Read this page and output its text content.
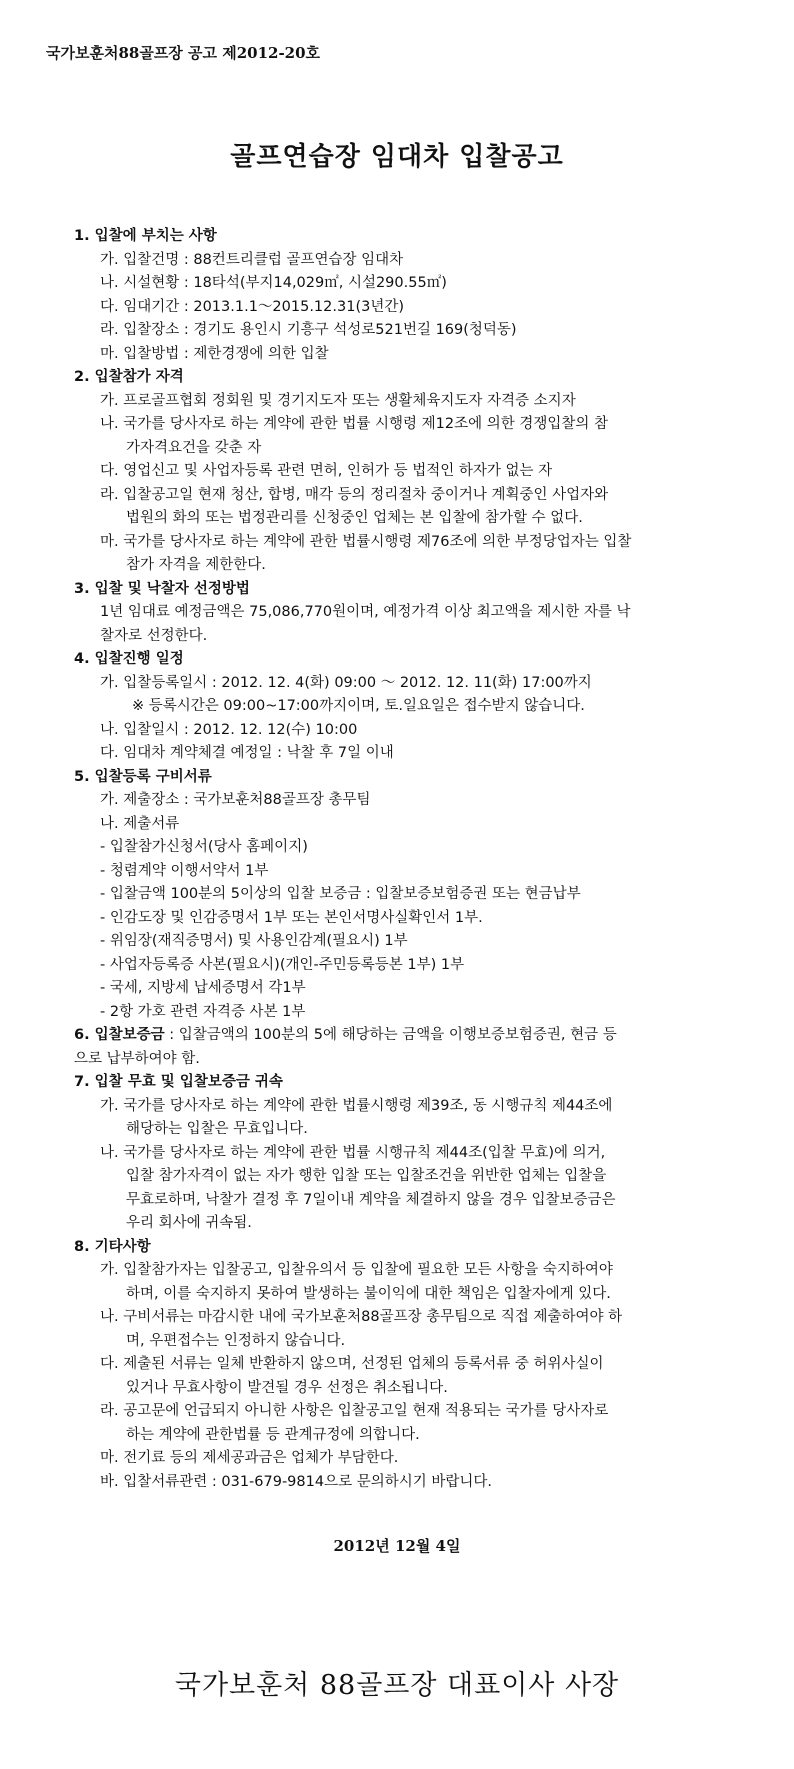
국가보훈처88골프장 공고 제2012-20호
골프연습장 임대차 입찰공고
1. 입찰에 부치는 사항
가. 입찰건명 : 88컨트리클럽 골프연습장 임대차
나. 시설현황 : 18타석(부지14,029㎡, 시설290.55㎡)
다. 임대기간 : 2013.1.1～2015.12.31(3년간)
라. 입찰장소 : 경기도 용인시 기흥구 석성로521번길 169(청덕동)
마. 입찰방법 : 제한경쟁에 의한 입찰
2. 입찰참가 자격
가. 프로골프협회 정회원 및 경기지도자 또는 생활체육지도자 자격증 소지자
나. 국가를 당사자로 하는 계약에 관한 법률 시행령 제12조에 의한 경쟁입찰의 참
가자격요건을 갖춘 자
다. 영업신고 및 사업자등록 관련 면허, 인허가 등 법적인 하자가 없는 자
라. 입찰공고일 현재 청산, 합병, 매각 등의 정리절차 중이거나 계획중인 사업자와
법원의 화의 또는 법정관리를 신청중인 업체는 본 입찰에 참가할 수 없다.
마. 국가를 당사자로 하는 계약에 관한 법률시행령 제76조에 의한 부정당업자는 입찰
참가 자격을 제한한다.
3. 입찰 및 낙찰자 선정방법
1년 임대료 예정금액은 75,086,770원이며, 예정가격 이상 최고액을 제시한 자를 낙
찰자로 선정한다.
4. 입찰진행 일정
가. 입찰등록일시 : 2012. 12. 4(화) 09:00 ～ 2012. 12. 11(화) 17:00까지
※ 등록시간은 09:00~17:00까지이며, 토.일요일은 접수받지 않습니다.
나. 입찰일시 : 2012. 12. 12(수) 10:00
다. 임대차 계약체결 예정일 : 낙찰 후 7일 이내
5. 입찰등록 구비서류
가. 제출장소 : 국가보훈처88골프장 총무팀
나. 제출서류
- 입찰참가신청서(당사 홈페이지)
- 청렴계약 이행서약서 1부
- 입찰금액 100분의 5이상의 입찰 보증금 : 입찰보증보험증권 또는 현금납부
- 인감도장 및 인감증명서 1부 또는 본인서명사실확인서 1부.
- 위임장(재직증명서) 및 사용인감계(필요시) 1부
- 사업자등록증 사본(필요시)(개인-주민등록등본 1부) 1부
- 국세, 지방세 납세증명서 각1부
- 2항 가호 관련 자격증 사본 1부
6. 입찰보증금 : 입찰금액의 100분의 5에 해당하는 금액을 이행보증보험증권, 현금 등
으로 납부하여야 함.
7. 입찰 무효 및 입찰보증금 귀속
가. 국가를 당사자로 하는 계약에 관한 법률시행령 제39조, 동 시행규칙 제44조에
해당하는 입찰은 무효입니다.
나. 국가를 당사자로 하는 계약에 관한 법률 시행규칙 제44조(입찰 무효)에 의거,
입찰 참가자격이 없는 자가 행한 입찰 또는 입찰조건을 위반한 업체는 입찰을
무효로하며, 낙찰가 결정 후 7일이내 계약을 체결하지 않을 경우 입찰보증금은
우리 회사에 귀속됨.
8. 기타사항
가. 입찰참가자는 입찰공고, 입찰유의서 등 입찰에 필요한 모든 사항을 숙지하여야
하며, 이를 숙지하지 못하여 발생하는 불이익에 대한 책임은 입찰자에게 있다.
나. 구비서류는 마감시한 내에 국가보훈처88골프장 총무팀으로 직접 제출하여야 하
며, 우편접수는 인정하지 않습니다.
다. 제출된 서류는 일체 반환하지 않으며, 선정된 업체의 등록서류 중 허위사실이
있거나 무효사항이 발견될 경우 선정은 취소됩니다.
라. 공고문에 언급되지 아니한 사항은 입찰공고일 현재 적용되는 국가를 당사자로
하는 계약에 관한법률 등 관계규정에 의합니다.
마. 전기료 등의 제세공과금은 업체가 부담한다.
바. 입찰서류관련 : 031-679-9814으로 문의하시기 바랍니다.
2012년 12월 4일
국가보훈처 88골프장 대표이사 사장
